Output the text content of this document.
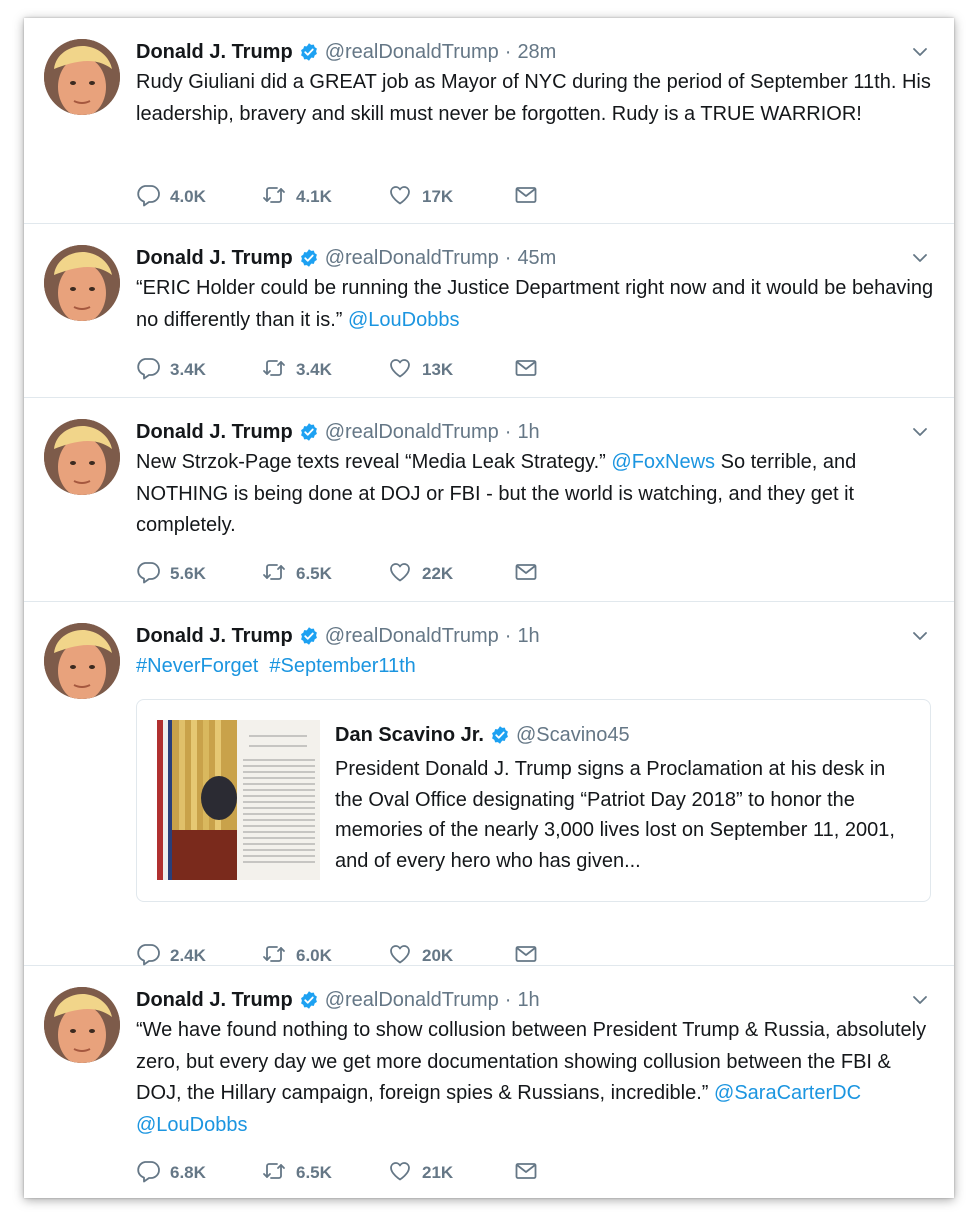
Donald J. Trump @realDonaldTrump · 28m
Rudy Giuliani did a GREAT job as Mayor of NYC during the period of September 11th. His leadership, bravery and skill must never be forgotten. Rudy is a TRUE WARRIOR!
4.0K	4.1K	17K
Donald J. Trump @realDonaldTrump · 45m
“ERIC Holder could be running the Justice Department right now and it would be behaving no differently than it is.” @LouDobbs
3.4K	3.4K	13K
Donald J. Trump @realDonaldTrump · 1h
New Strzok-Page texts reveal “Media Leak Strategy.” @FoxNews So terrible, and NOTHING is being done at DOJ or FBI - but the world is watching, and they get it completely.
5.6K	6.5K	22K
Donald J. Trump @realDonaldTrump · 1h
#NeverForget #September11th
Dan Scavino Jr. @Scavino45
President Donald J. Trump signs a Proclamation at his desk in the Oval Office designating “Patriot Day 2018” to honor the memories of the nearly 3,000 lives lost on September 11, 2001, and of every hero who has given...
2.4K	6.0K	20K
Donald J. Trump @realDonaldTrump · 1h
“We have found nothing to show collusion between President Trump & Russia, absolutely zero, but every day we get more documentation showing collusion between the FBI & DOJ, the Hillary campaign, foreign spies & Russians, incredible.” @SaraCarterDC @LouDobbs
6.8K	6.5K	21K
